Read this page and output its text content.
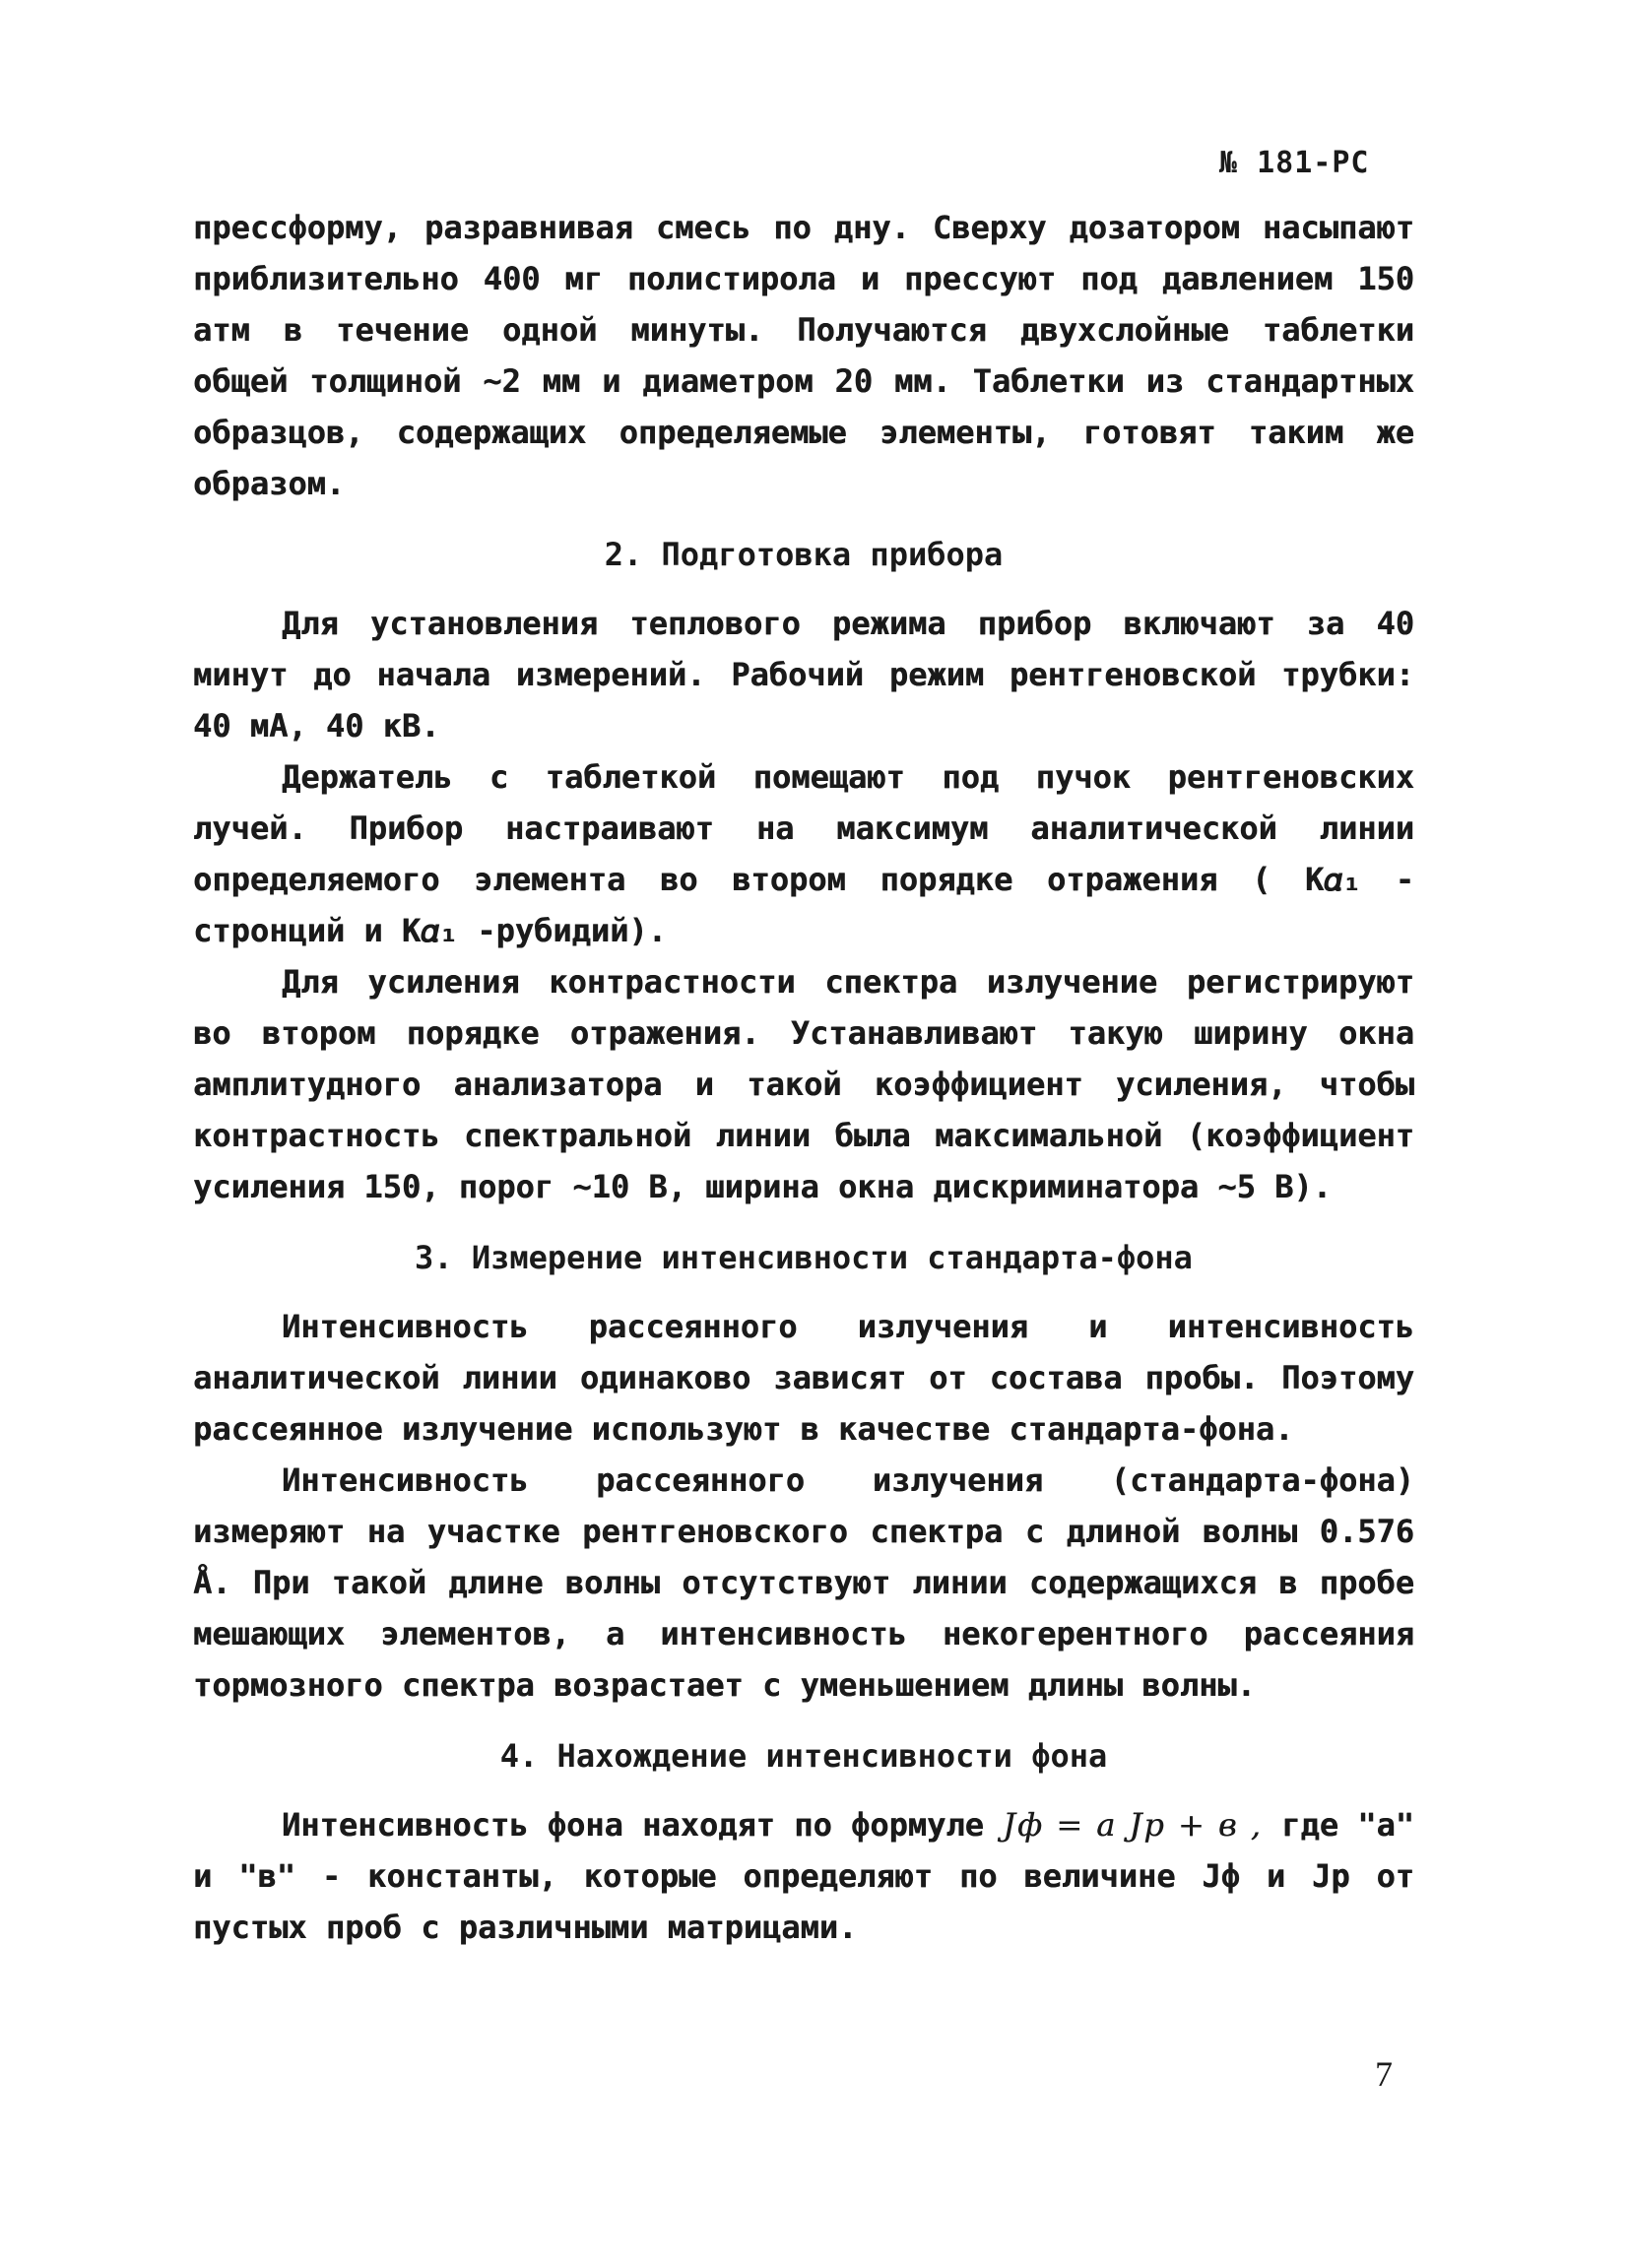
№ 181-РС

прессформу, разравнивая смесь по дну. Сверху дозатором насыпают приблизительно 400 мг полистирола и прессуют под давлением 150 атм в течение одной минуты. Получаются двухслойные таблетки общей толщиной ~2 мм и диаметром 20 мм. Таблетки из стандартных образцов, содержащих определяемые элементы, готовят таким же образом.

2. Подготовка прибора

Для установления теплового режима прибор включают за 40 минут до начала измерений. Рабочий режим рентгеновской трубки: 40 мА, 40 кВ.

Держатель с таблеткой помещают под пучок рентгеновских лучей. Прибор настраивают на максимум аналитической линии определяемого элемента во втором порядке отражения ( K𝛼₁ - стронций и K𝛼₁ -рубидий).

Для усиления контрастности спектра излучение регистрируют во втором порядке отражения. Устанавливают такую ширину окна амплитудного анализатора и такой коэффициент усиления, чтобы контрастность спектральной линии была максимальной (коэффициент усиления 150, порог ~10 В, ширина окна дискриминатора ~5 В).

3. Измерение интенсивности стандарта-фона

Интенсивность рассеянного излучения и интенсивность аналитической линии одинаково зависят от состава пробы. Поэтому рассеянное излучение используют в качестве стандарта-фона.

Интенсивность рассеянного излучения (стандарта-фона) измеряют на участке рентгеновского спектра с длиной волны 0.576 Å. При такой длине волны отсутствуют линии содержащихся в пробе мешающих элементов, а интенсивность некогерентного рассеяния тормозного спектра возрастает с уменьшением длины волны.

4. Нахождение интенсивности фона

Интенсивность фона находят по формуле Jф = a Jр + в , где "a" и "в" - константы, которые определяют по величине Jф и Jр от пустых проб с различными матрицами.

7
